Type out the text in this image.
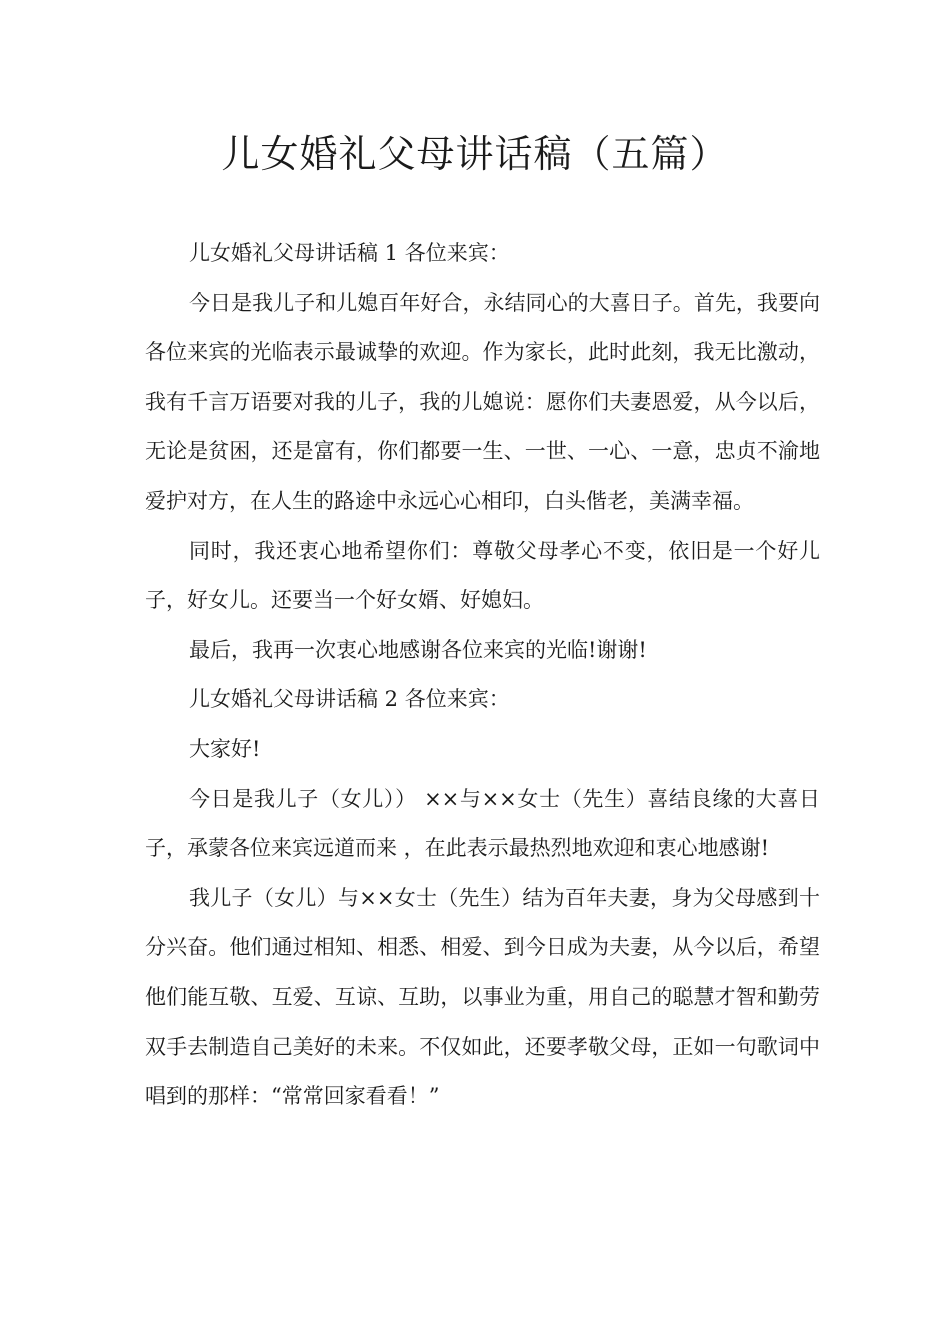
儿女婚礼父母讲话稿（五篇）

儿女婚礼父母讲话稿 1 各位来宾：

今日是我儿子和儿媳百年好合，永结同心的大喜日子。首先，我要向各位来宾的光临表示最诚挚的欢迎。作为家长，此时此刻，我无比激动，我有千言万语要对我的儿子，我的儿媳说：愿你们夫妻恩爱，从今以后，无论是贫困，还是富有，你们都要一生、一世、一心、一意，忠贞不渝地爱护对方，在人生的路途中永远心心相印，白头偕老，美满幸福。

同时，我还衷心地希望你们：尊敬父母孝心不变，依旧是一个好儿子，好女儿。还要当一个好女婿、好媳妇。

最后，我再一次衷心地感谢各位来宾的光临!谢谢!

儿女婚礼父母讲话稿 2 各位来宾：

大家好!

今日是我儿子（女儿）） ××与××女士（先生）喜结良缘的大喜日子，承蒙各位来宾远道而来 ，在此表示最热烈地欢迎和衷心地感谢!

我儿子（女儿）与××女士（先生）结为百年夫妻，身为父母感到十分兴奋。他们通过相知、相悉、相爱、到今日成为夫妻，从今以后，希望他们能互敬、互爱、互谅、互助，以事业为重，用自己的聪慧才智和勤劳双手去制造自己美好的未来。不仅如此，还要孝敬父母，正如一句歌词中唱到的那样：“常常回家看看！”
